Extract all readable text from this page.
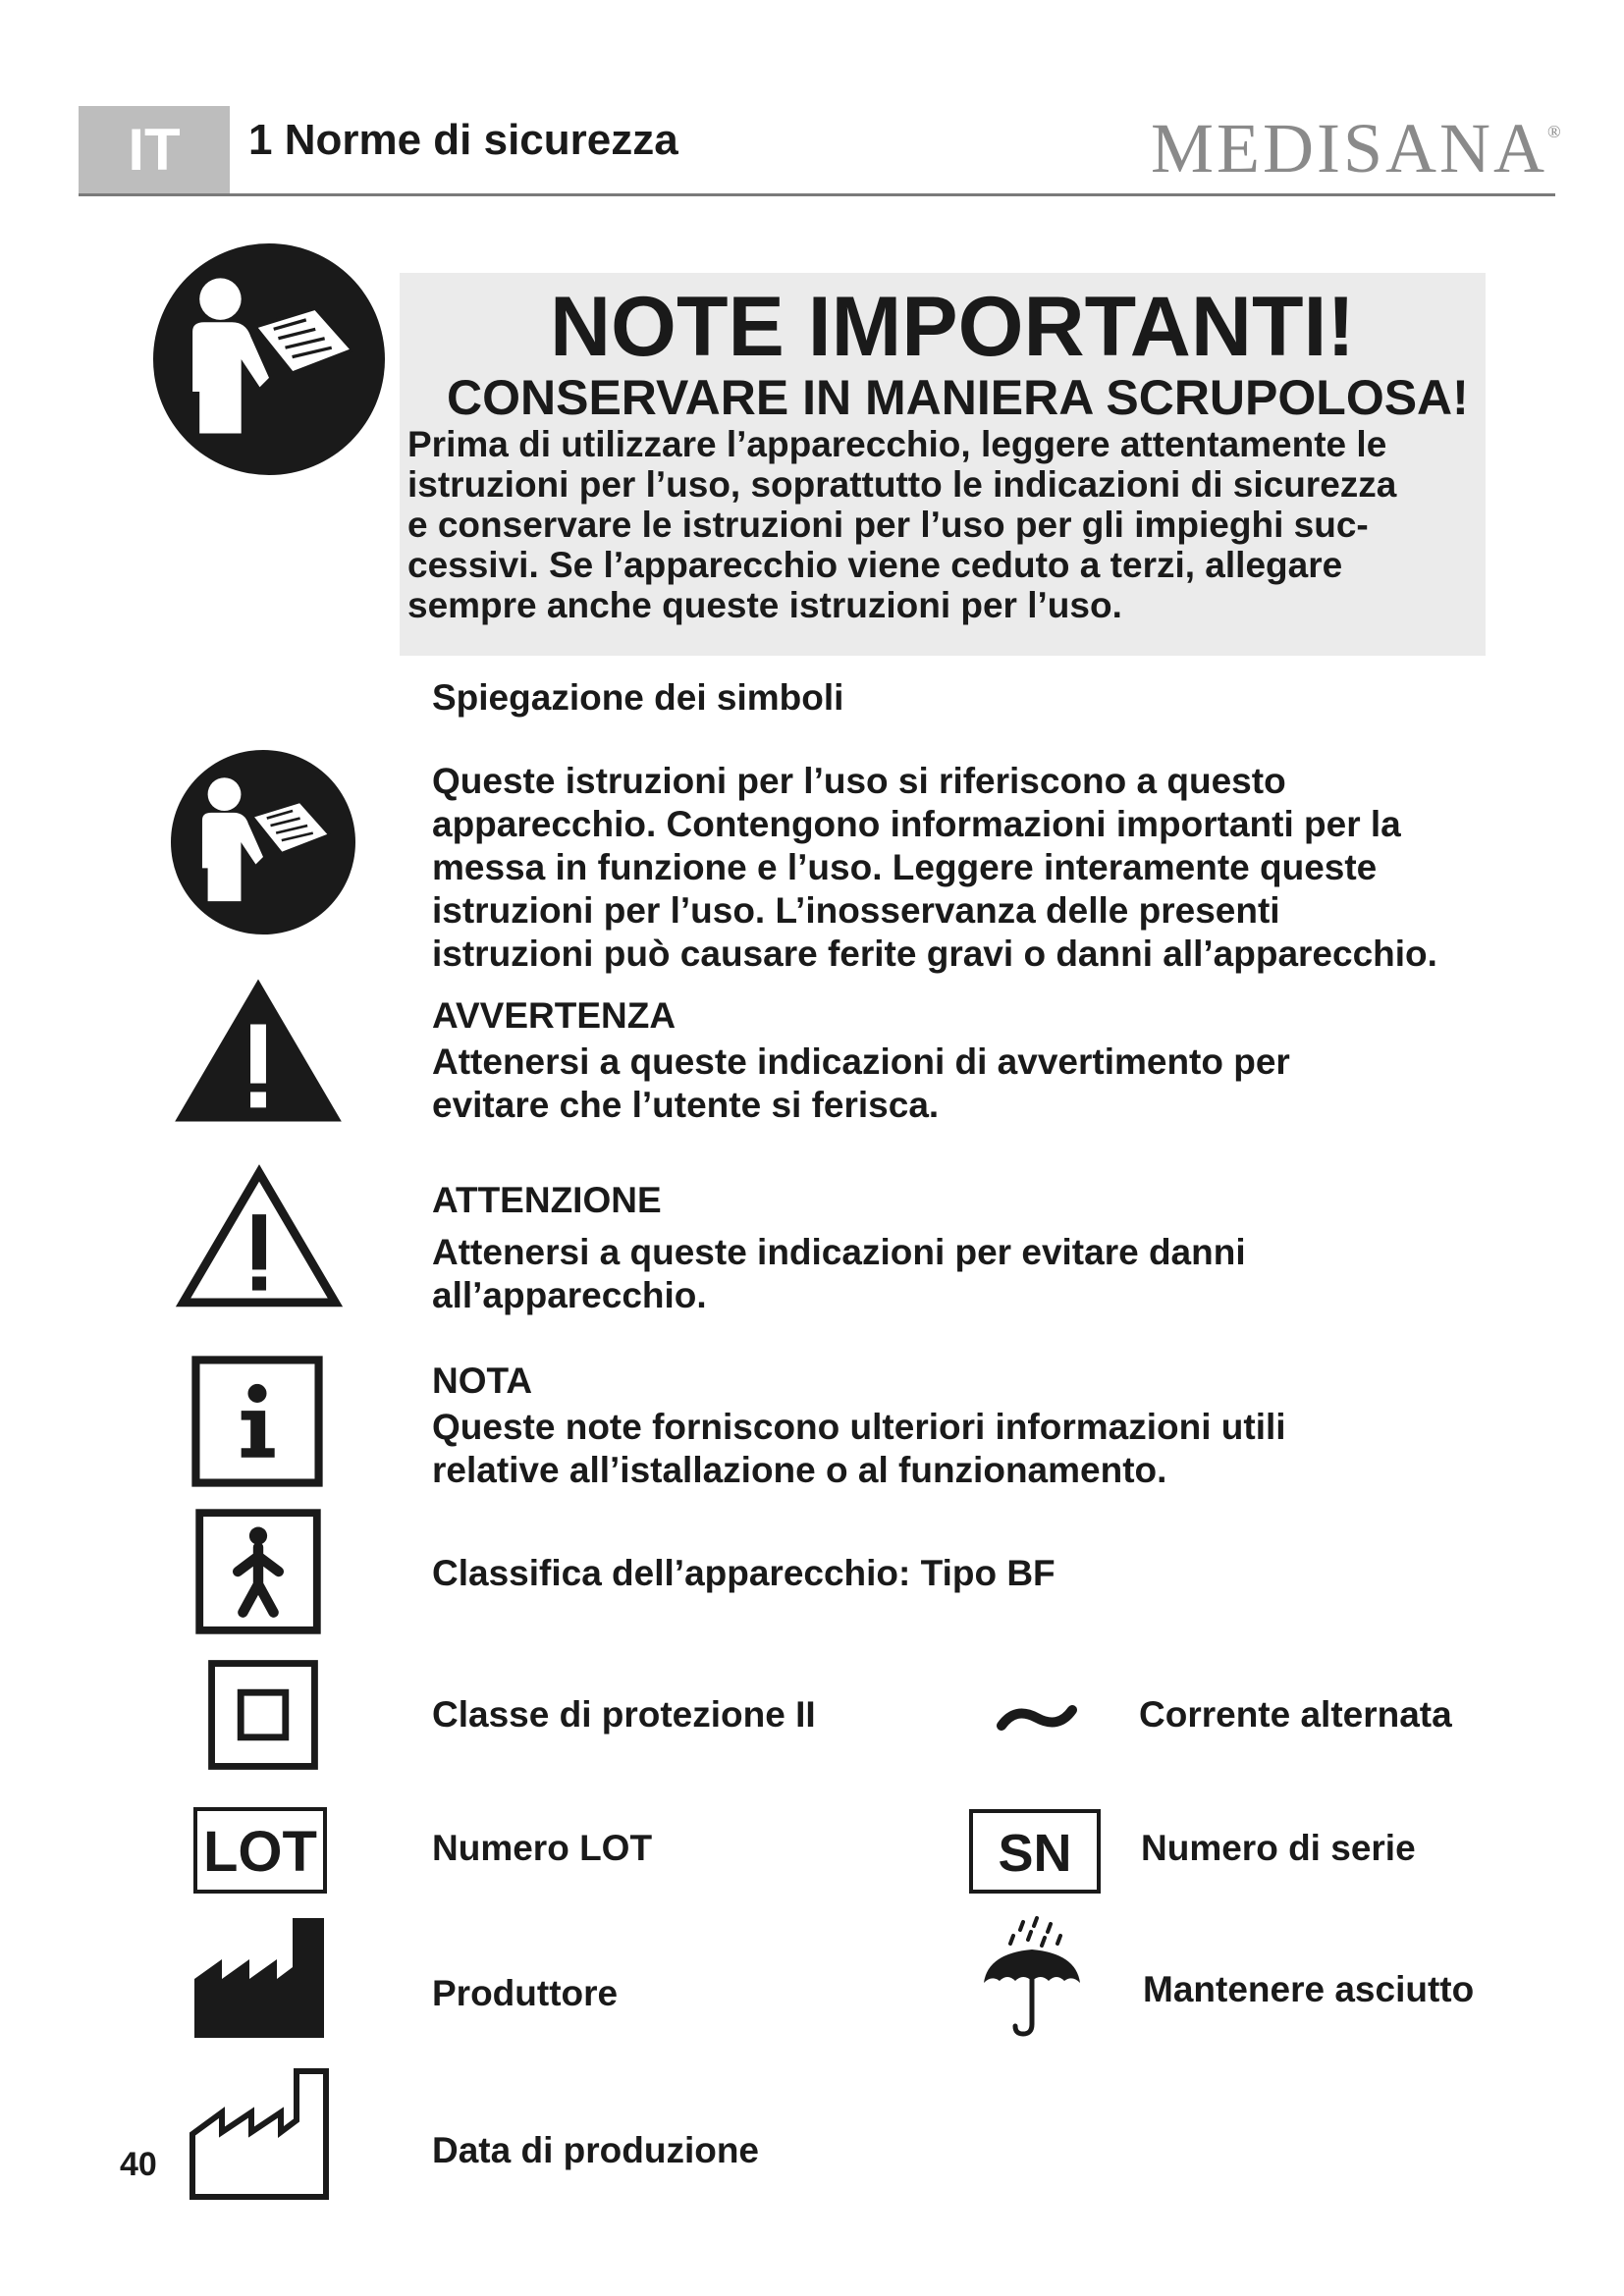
IT	1 Norme di sicurezza	MEDISANA®
NOTE IMPORTANTI!
CONSERVARE IN MANIERA SCRUPOLOSA!
Prima di utilizzare l’apparecchio, leggere attentamente le
istruzioni per l’uso, soprattutto le indicazioni di sicurezza
e conservare le istruzioni per l’uso per gli impieghi suc-
cessivi. Se l’apparecchio viene ceduto a terzi, allegare
sempre anche queste istruzioni per l’uso.
Spiegazione dei simboli
Queste istruzioni per l’uso si riferiscono a questo
apparecchio. Contengono informazioni importanti per la
messa in funzione e l’uso. Leggere interamente queste
istruzioni per l’uso. L’inosservanza delle presenti
istruzioni può causare ferite gravi o danni all’apparecchio.
AVVERTENZA
Attenersi a queste indicazioni di avvertimento per
evitare che l’utente si ferisca.
ATTENZIONE
Attenersi a queste indicazioni per evitare danni
all’apparecchio.
NOTA
Queste note forniscono ulteriori informazioni utili
relative all’istallazione o al funzionamento.
Classifica dell’apparecchio: Tipo BF
Classe di protezione II	Corrente alternata
LOT	Numero LOT	SN Numero di serie
Produttore	Mantenere asciutto
Data di produzione
40
